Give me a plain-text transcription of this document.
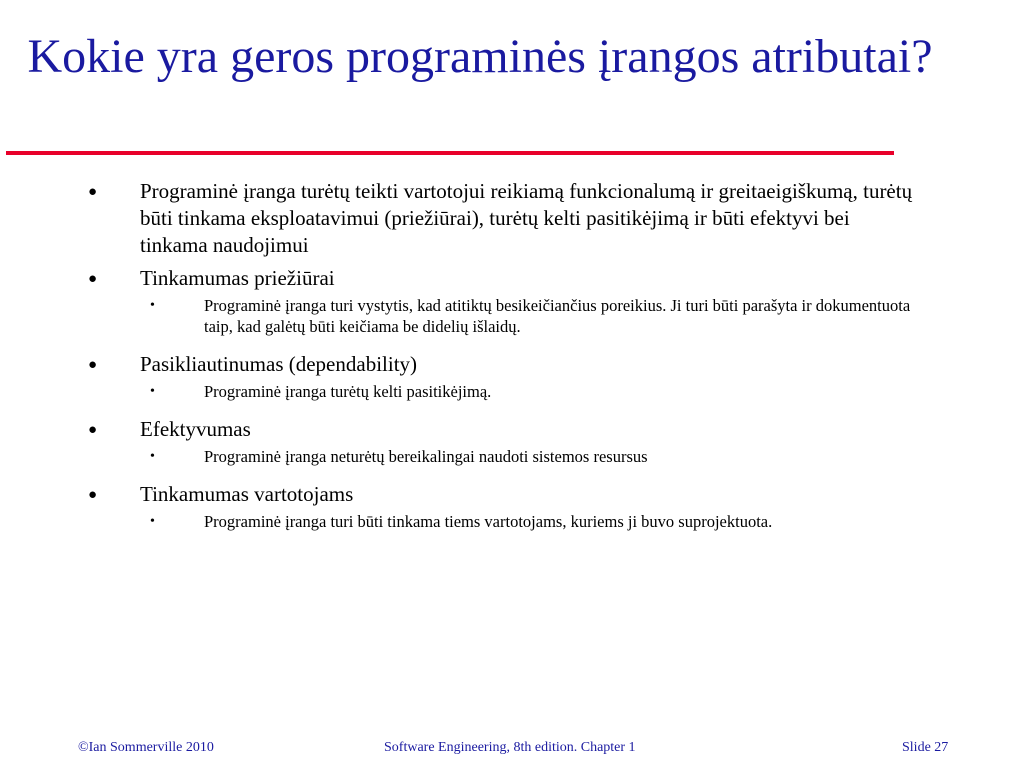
Kokie yra geros programinės įrangos atributai?
● Programinė įranga turėtų teikti vartotojui reikiamą funkcionalumą ir greitaeigiškumą, turėtų būti tinkama eksploatavimui (priežiūrai), turėtų kelti pasitikėjimą ir būti efektyvi bei tinkama naudojimui
● Tinkamumas priežiūrai
•	Programinė įranga turi vystytis, kad atitiktų besikeičiančius poreikius. Ji turi būti parašyta ir dokumentuota taip, kad galėtų būti keičiama be didelių išlaidų.
● Pasikliautinumas (dependability)
•	Programinė įranga turėtų kelti pasitikėjimą.
● Efektyvumas
•	Programinė įranga neturėtų bereikalingai naudoti sistemos resursus
● Tinkamumas vartotojams
•	Programinė įranga turi būti tinkama tiems vartotojams, kuriems ji buvo suprojektuota.
©Ian Sommerville 2010	Software Engineering, 8th edition. Chapter 1	Slide 27
